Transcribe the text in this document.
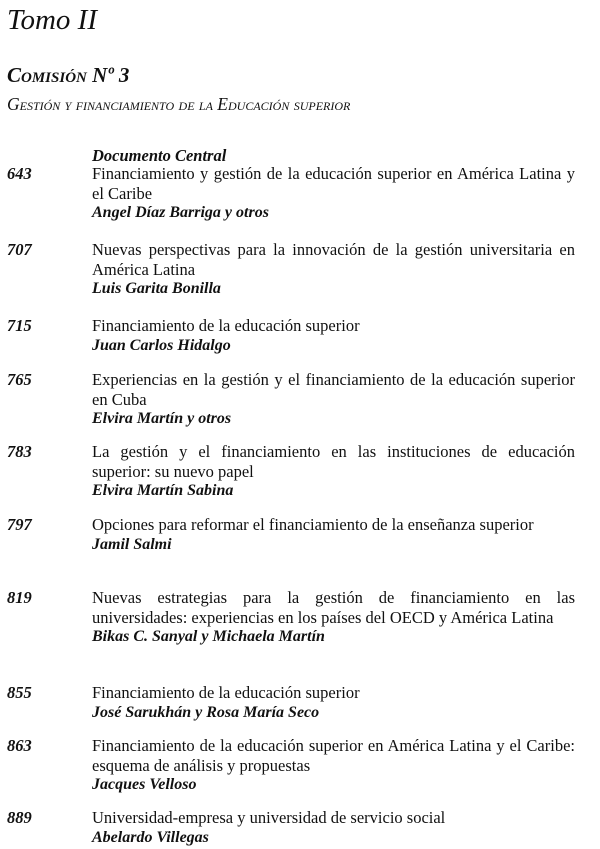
Tomo II
Comisión Nº 3
Gestión y financiamiento de la Educación superior
Documento Central
643	Financiamiento y gestión de la educación superior en América Latina y el Caribe

Angel Díaz Barriga y otros

707	Nuevas perspectivas para la innovación de la gestión universitaria en América Latina

Luis Garita Bonilla

715	Financiamiento de la educación superior

Juan Carlos Hidalgo

765	Experiencias en la gestión y el financiamiento de la educación superior en Cuba

Elvira Martín y otros

783	La gestión y el financiamiento en las instituciones de educación superior: su nuevo papel

Elvira Martín Sabina

797	Opciones para reformar el financiamiento de la enseñanza superior

Jamil Salmi

819	Nuevas estrategias para la gestión de financiamiento en las universidades: experiencias en los países del OECD y América Latina

Bikas C. Sanyal y Michaela Martín

855	Financiamiento de la educación superior

José Sarukhán y Rosa María Seco

863	Financiamiento de la educación superior en América Latina y el Caribe: esquema de análisis y propuestas

Jacques Velloso

889	Universidad-empresa y universidad de servicio social

Abelardo Villegas
